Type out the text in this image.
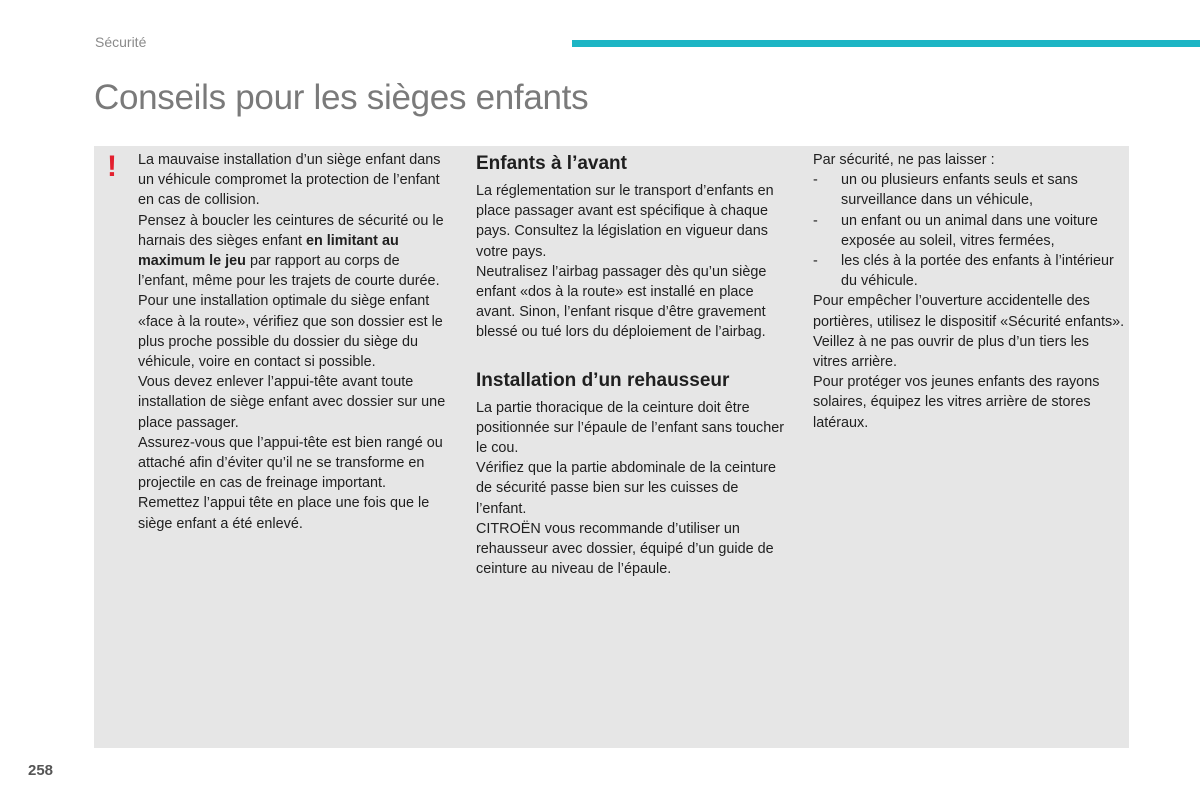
Sécurité
Conseils pour les sièges enfants
! La mauvaise installation d’un siège enfant dans un véhicule compromet la protection de l’enfant en cas de collision.

Pensez à boucler les ceintures de sécurité ou le harnais des sièges enfant en limitant au maximum le jeu par rapport au corps de l’enfant, même pour les trajets de courte durée.

Pour une installation optimale du siège enfant «face à la route», vérifiez que son dossier est le plus proche possible du dossier du siège du véhicule, voire en contact si possible.

Vous devez enlever l’appui-tête avant toute installation de siège enfant avec dossier sur une place passager.

Assurez-vous que l’appui-tête est bien rangé ou attaché afin d’éviter qu’il ne se transforme en projectile en cas de freinage important.

Remettez l’appui tête en place une fois que le siège enfant a été enlevé.

Enfants à l’avant

La réglementation sur le transport d’enfants en place passager avant est spécifique à chaque pays. Consultez la législation en vigueur dans votre pays.

Neutralisez l’airbag passager dès qu’un siège enfant «dos à la route» est installé en place avant. Sinon, l’enfant risque d’être gravement blessé ou tué lors du déploiement de l’airbag.

Installation d’un rehausseur

La partie thoracique de la ceinture doit être positionnée sur l’épaule de l’enfant sans toucher le cou.

Vérifiez que la partie abdominale de la ceinture de sécurité passe bien sur les cuisses de l’enfant.

CITROËN vous recommande d’utiliser un rehausseur avec dossier, équipé d’un guide de ceinture au niveau de l’épaule.

Par sécurité, ne pas laisser :

-	un ou plusieurs enfants seuls et sans surveillance dans un véhicule,
-	un enfant ou un animal dans une voiture exposée au soleil, vitres fermées,
-	les clés à la portée des enfants à l’intérieur du véhicule.

Pour empêcher l’ouverture accidentelle des portières, utilisez le dispositif «Sécurité enfants».

Veillez à ne pas ouvrir de plus d’un tiers les vitres arrière.

Pour protéger vos jeunes enfants des rayons solaires, équipez les vitres arrière de stores latéraux.

258
